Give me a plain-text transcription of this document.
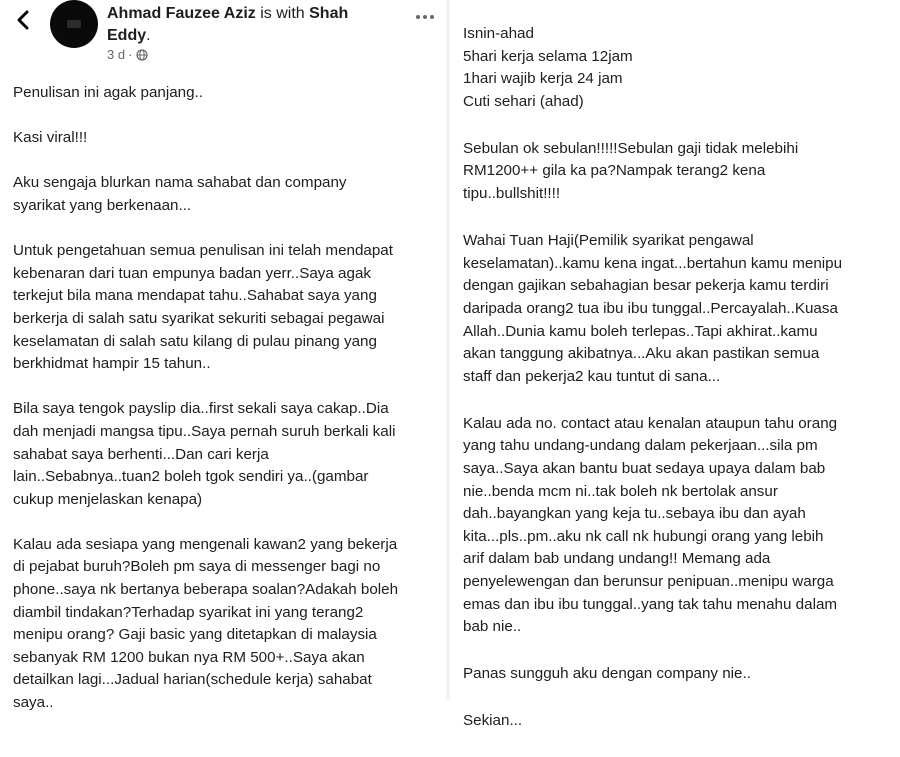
Ahmad Fauzee Aziz is with Shah
Eddy.
3 d ·

Penulisan ini agak panjang..

Kasi viral!!!

Aku sengaja blurkan nama sahabat dan company
syarikat yang berkenaan...

Untuk pengetahuan semua penulisan ini telah mendapat
kebenaran dari tuan empunya badan yerr..Saya agak
terkejut bila mana mendapat tahu..Sahabat saya yang
berkerja di salah satu syarikat sekuriti sebagai pegawai
keselamatan di salah satu kilang di pulau pinang yang
berkhidmat hampir 15 tahun..

Bila saya tengok payslip dia..first sekali saya cakap..Dia
dah menjadi mangsa tipu..Saya pernah suruh berkali kali
sahabat saya berhenti...Dan cari kerja
lain..Sebabnya..tuan2 boleh tgok sendiri ya..(gambar
cukup menjelaskan kenapa)

Kalau ada sesiapa yang mengenali kawan2 yang bekerja
di pejabat buruh?Boleh pm saya di messenger bagi no
phone..saya nk bertanya beberapa soalan?Adakah boleh
diambil tindakan?Terhadap syarikat ini yang terang2
menipu orang? Gaji basic yang ditetapkan di malaysia
sebanyak RM 1200 bukan nya RM 500+..Saya akan
detailkan lagi...Jadual harian(schedule kerja) sahabat
saya..

Isnin-ahad
5hari kerja selama 12jam
1hari wajib kerja 24 jam
Cuti sehari (ahad)

Sebulan ok sebulan!!!!!Sebulan gaji tidak melebihi
RM1200++ gila ka pa?Nampak terang2 kena
tipu..bullshit!!!!

Wahai Tuan Haji(Pemilik syarikat pengawal
keselamatan)..kamu kena ingat...bertahun kamu menipu
dengan gajikan sebahagian besar pekerja kamu terdiri
daripada orang2 tua ibu ibu tunggal..Percayalah..Kuasa
Allah..Dunia kamu boleh terlepas..Tapi akhirat..kamu
akan tanggung akibatnya...Aku akan pastikan semua
staff dan pekerja2 kau tuntut di sana...

Kalau ada no. contact atau kenalan ataupun tahu orang
yang tahu undang-undang dalam pekerjaan...sila pm
saya..Saya akan bantu buat sedaya upaya dalam bab
nie..benda mcm ni..tak boleh nk bertolak ansur
dah..bayangkan yang keja tu..sebaya ibu dan ayah
kita...pls..pm..aku nk call nk hubungi orang yang lebih
arif dalam bab undang undang!! Memang ada
penyelewengan dan berunsur penipuan..menipu warga
emas dan ibu ibu tunggal..yang tak tahu menahu dalam
bab nie..

Panas sungguh aku dengan company nie..

Sekian...
